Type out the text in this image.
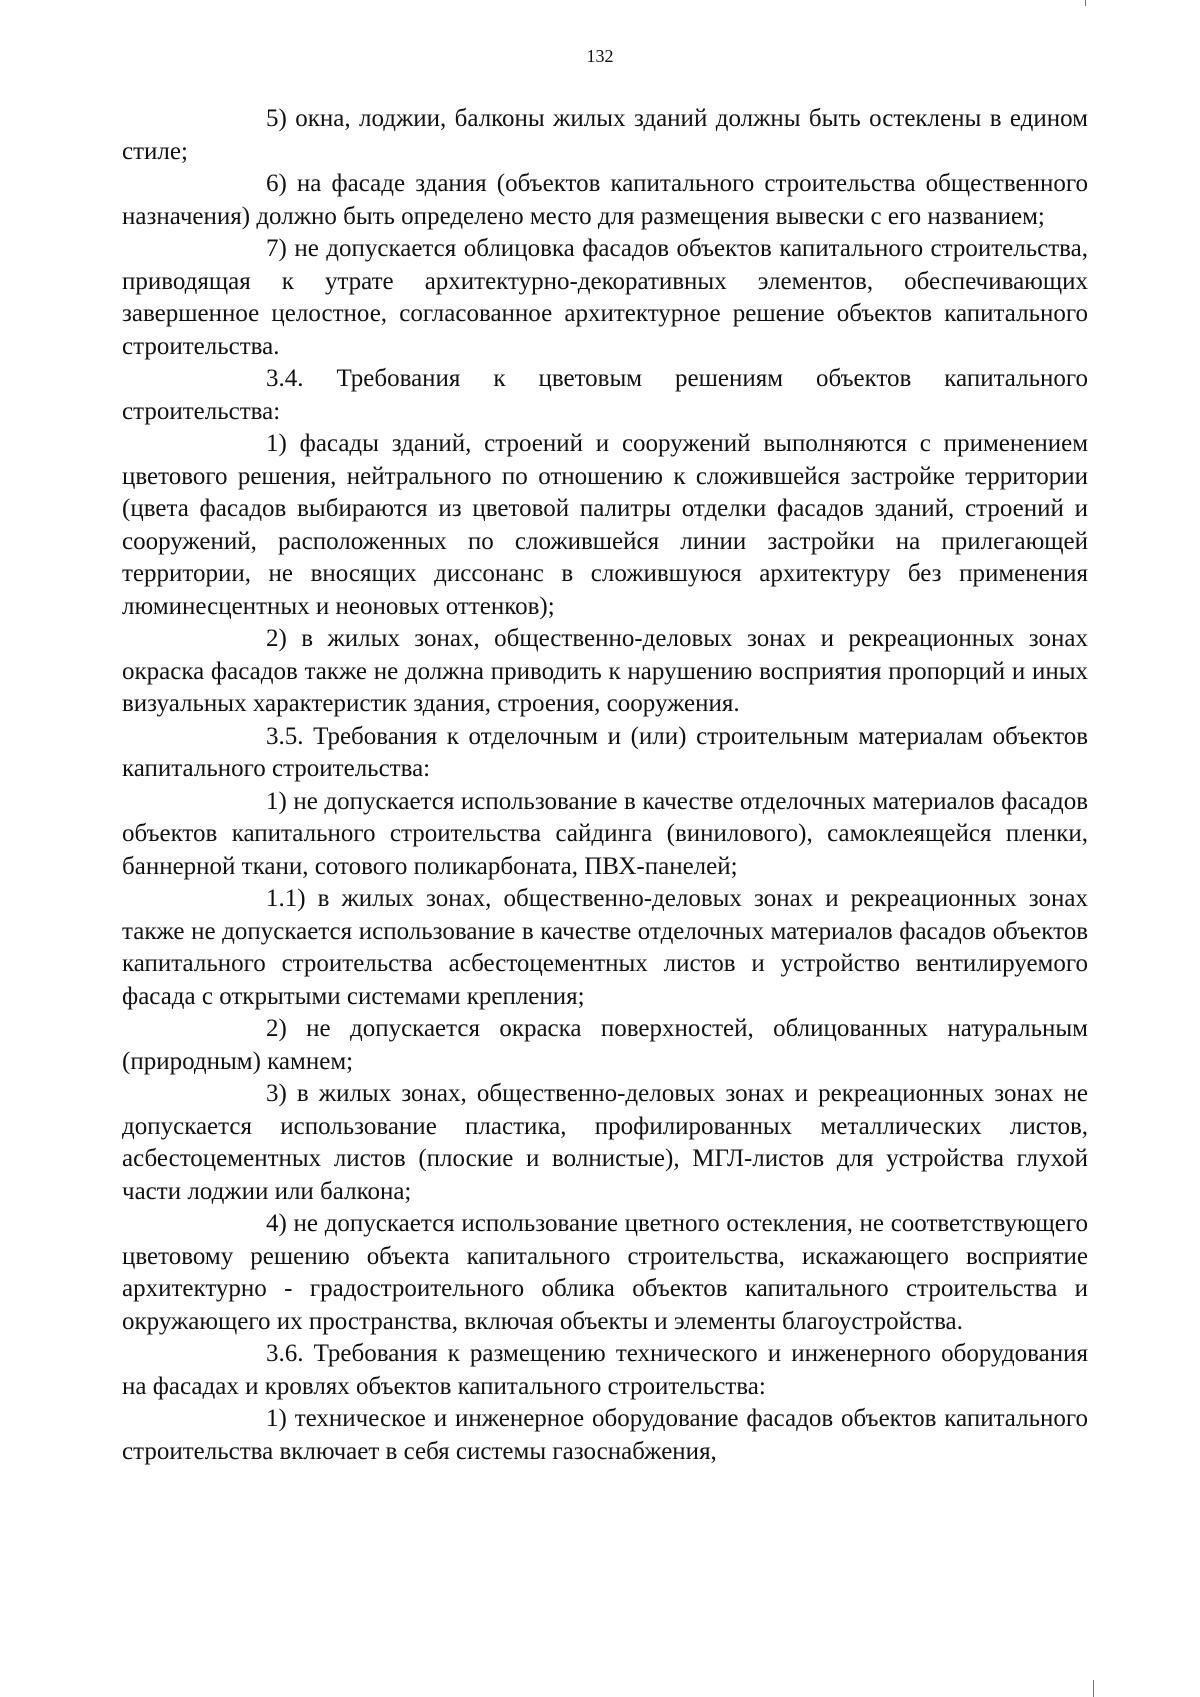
132

5) окна, лоджии, балконы жилых зданий должны быть остеклены в едином стиле;

6) на фасаде здания (объектов капитального строительства общественного назначения) должно быть определено место для размещения вывески с его названием;

7) не допускается облицовка фасадов объектов капитального строительства, приводящая к утрате архитектурно-декоративных элементов, обеспечивающих завершенное целостное, согласованное архитектурное решение объектов капитального строительства.

3.4. Требования к цветовым решениям объектов капитального строительства:

1) фасады зданий, строений и сооружений выполняются с применением цветового решения, нейтрального по отношению к сложившейся застройке территории (цвета фасадов выбираются из цветовой палитры отделки фасадов зданий, строений и сооружений, расположенных по сложившейся линии застройки на прилегающей территории, не вносящих диссонанс в сложившуюся архитектуру без применения люминесцентных и неоновых оттенков);

2) в жилых зонах, общественно-деловых зонах и рекреационных зонах окраска фасадов также не должна приводить к нарушению восприятия пропорций и иных визуальных характеристик здания, строения, сооружения.

3.5. Требования к отделочным и (или) строительным материалам объектов капитального строительства:

1) не допускается использование в качестве отделочных материалов фасадов объектов капитального строительства сайдинга (винилового), самоклеящейся пленки, баннерной ткани, сотового поликарбоната, ПВХ-панелей;

1.1) в жилых зонах, общественно-деловых зонах и рекреационных зонах также не допускается использование в качестве отделочных материалов фасадов объектов капитального строительства асбестоцементных листов и устройство вентилируемого фасада с открытыми системами крепления;

2) не допускается окраска поверхностей, облицованных натуральным (природным) камнем;

3) в жилых зонах, общественно-деловых зонах и рекреационных зонах не допускается использование пластика, профилированных металлических листов, асбестоцементных листов (плоские и волнистые), МГЛ-листов для устройства глухой части лоджии или балкона;

4) не допускается использование цветного остекления, не соответствующего цветовому решению объекта капитального строительства, искажающего восприятие архитектурно - градостроительного облика объектов капитального строительства и окружающего их пространства, включая объекты и элементы благоустройства.

3.6. Требования к размещению технического и инженерного оборудования на фасадах и кровлях объектов капитального строительства:

1) техническое и инженерное оборудование фасадов объектов капитального строительства включает в себя системы газоснабжения,
